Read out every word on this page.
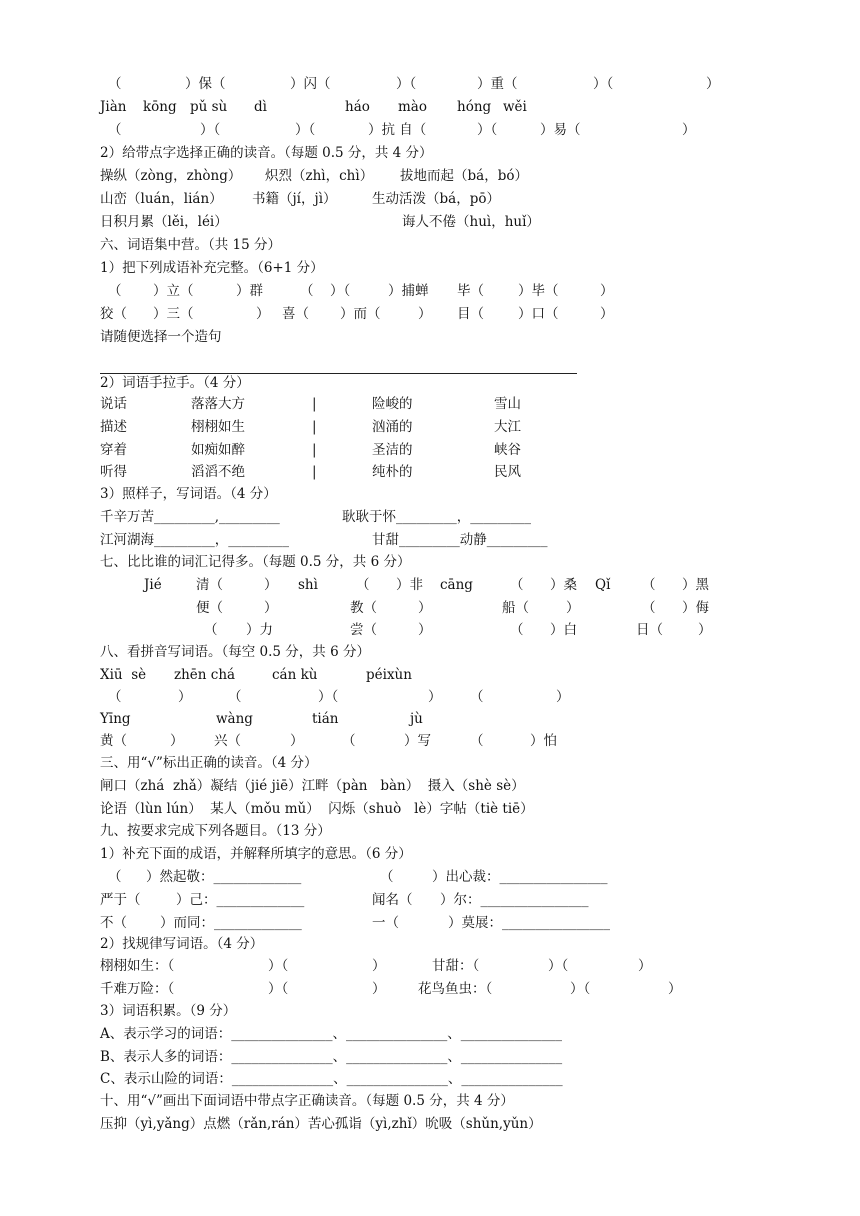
（	）保（	）闪（	）（	）重（	）（	）
Jiàn kōng pǔ sù dì	háo mào hóng wěi
（	）（	）（	）抗 自（	）（	）易（	）
2）给带点字选择正确的读音。（每题 0.5 分，共 4 分）
操纵（zòng，zhòng） 炽烈（zhì，chì） 拔地而起（bá，bó）
山峦（luán，lián） 书籍（jí，jì）	生动活泼（bá，pō）
日积月累（lěi，léi）	诲人不倦（huì，huǐ）
六、词语集中营。（共 15 分）
1）把下列成语补充完整。（6+1 分）
（ ）立（	）群	（ ）（	）捕蝉 毕（	）毕（	）
狡（ ）三（	） 喜（ ）而（	） 目（	）口（	）
请随便选择一个造句
2）词语手拉手。（4 分）
说话	落落大方	|	险峻的	雪山
描述	栩栩如生	|	汹涌的	大江
穿着	如痴如醉	|	圣洁的	峡谷
听得	滔滔不绝	|	纯朴的	民风
3）照样子，写词语。（4 分）
千辛万苦_________,_________	耿耿于怀_________，_________
江河湖海_________，_________	甘甜_________动静_________
七、比比谁的词汇记得多。（每题 0.5 分，共 6 分）
Jié	清（	） shì	（ ）非 cāng	（ ）桑 Qǐ （ ）黑
便（	）	教（	）	船（	）	（ ）侮
（ ）力	尝（	）	（ ）白	日（	）
八、看拼音写词语。（每空 0.5 分，共 6 分）
Xiū  sè zhēn chá	cán kù	péixùn
（	）	（	）（	） （	）
Yīng	wàng	tián	jù
黄（	） 兴（	）	（	）写	（	）怕
三、用“√”标出正确的读音。（4 分）
闸口（zhá  zhǎ）凝结（jié jiē）江畔（pàn   bàn）  摄入（shè sè）
论语（lùn lún）  某人（mǒu mǔ）  闪烁（shuò   lè）字帖（tiè tiē）
九、按要求完成下列各题目。（13 分）
1）补充下面的成语，并解释所填字的意思。（6 分）
（ ）然起敬：_____________	（	）出心裁：________________
严于（	）己：_____________	闻名（ ）尔：________________
不（ ）而同：_____________	一（	）莫展：________________
2）找规律写词语。（4 分）
栩栩如生：（	）（	）	甘甜：（	）（	）
千难万险：（	）（	） 花鸟鱼虫：（	）（	）
3）词语积累。（9 分）
A、表示学习的词语：_______________、_______________、_______________
B、表示人多的词语：_______________、_______________、_______________
C、表示山险的词语：_______________、_______________、_______________
十、用“√”画出下面词语中带点字正确读音。（每题 0.5 分，共 4 分）
压抑（yì,yǎng）点燃（rǎn,rán）苦心孤诣（yì,zhǐ）吮吸（shǔn,yǔn）
